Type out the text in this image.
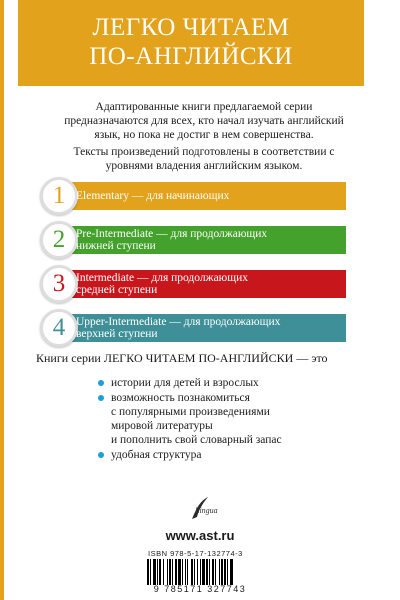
ЛЕГКО ЧИТАЕМ
ПО-АНГЛИЙСКИ

Адаптированные книги предлагаемой серии предназначаются для всех, кто начал изучать английский язык, но пока не достиг в нем совершенства.

Тексты произведений подготовлены в соответствии с уровнями владения английским языком.

1 Elementary — для начинающих
2 Pre-Intermediate — для продолжающих
нижней ступени
3 Intermediate — для продолжающих
средней ступени
4 Upper-Intermediate — для продолжающих
верхней ступени
Книги серии ЛЕГКО ЧИТАЕМ ПО-АНГЛИЙСКИ — это
истории для детей и взрослых
возможность познакомиться
с популярными произведениями
мировой литературы
и пополнить свой словарный запас
удобная структура
Lingua
www.ast.ru
ISBN 978-5-17-132774-3
9 785171 327743
